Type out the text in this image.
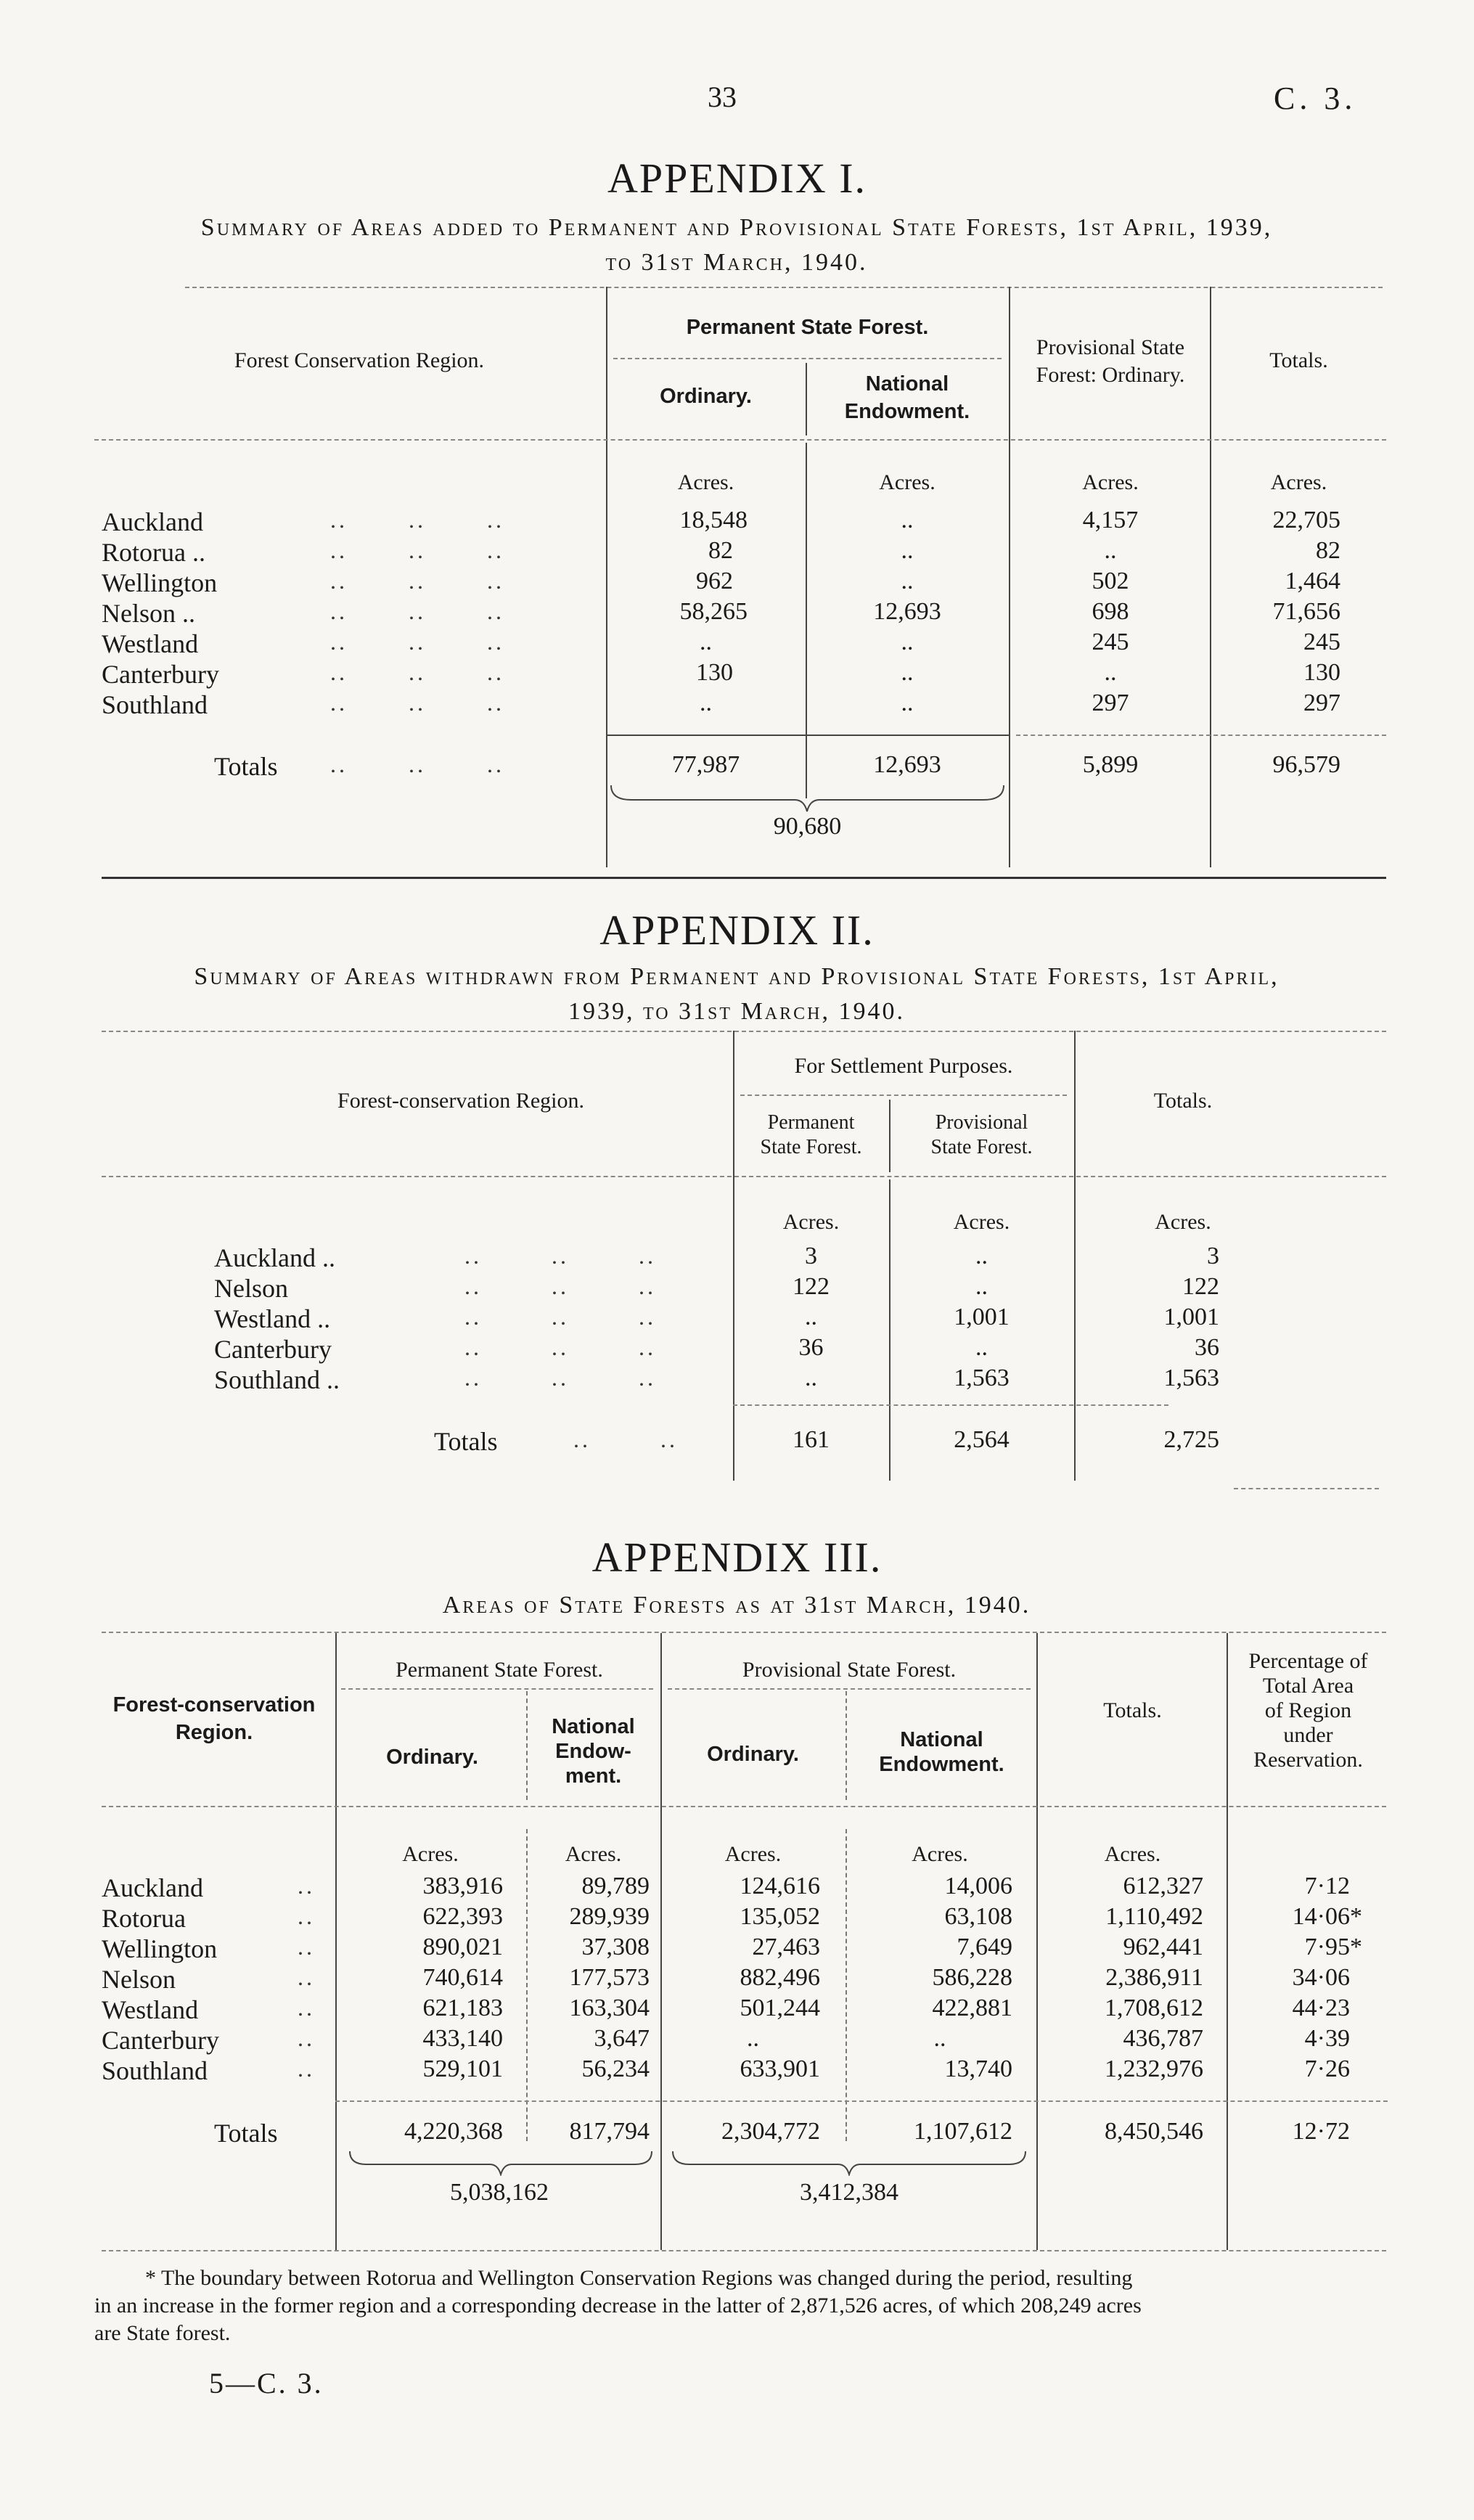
33	C. 3.
APPENDIX I.
Summary of Areas added to Permanent and Provisional State Forests, 1st April, 1939,
to 31st March, 1940.
Forest Conservation Region.
Permanent State Forest.
Ordinary.
National
Endowment.
Provisional State
Forest: Ordinary.
Totals.
Acres.	Acres.	Acres.	Acres.
Auckland	..       ..       ..	18,548	..	4,157	22,705
Rotorua ..	..       ..       ..	82	..	..	82
Wellington	..       ..       ..	962	..	502	1,464
Nelson ..	..       ..       ..	58,265	12,693	698	71,656
Westland	..       ..       ..	..	..	245	245
Canterbury	..       ..       ..	130	..	..	130
Southland	..       ..       ..	..	..	297	297
Totals ..       ..       ..	77,987	12,693	5,899	96,579
90,680
APPENDIX II.
Summary of Areas withdrawn from Permanent and Provisional State Forests, 1st April,
1939, to 31st March, 1940.
Forest-conservation Region.
For Settlement Purposes.
Permanent
State Forest.
Provisional
State Forest.
Totals.
Acres.	Acres.	Acres.
Auckland ..	..        ..        ..	3	..	3
Nelson	..        ..        ..	122	..	122
Westland ..	..        ..        ..	..	1,001	1,001
Canterbury	..        ..        ..	36	..	36
Southland ..	..        ..        ..	..	1,563	1,563
Totals	..        ..	161	2,564	2,725
APPENDIX III.
Areas of State Forests as at 31st March, 1940.
Forest-conservation
Region.
Permanent State Forest.	Provisional State Forest.
Ordinary.
National
Endow-
ment.
Ordinary.
National
Endowment.
Totals.
Percentage of
Total Area
of Region
under
Reservation.
Acres.	Acres.	Acres.	Acres.	Acres.
Auckland	..	383,916	89,789	124,616	14,006	612,327	7·12
Rotorua	..	622,393	289,939	135,052	63,108	1,110,492	14·06*
Wellington	..	890,021	37,308	27,463	7,649	962,441	7·95*
Nelson	..	740,614	177,573	882,496	586,228	2,386,911	34·06
Westland	..	621,183	163,304	501,244	422,881	1,708,612	44·23
Canterbury	..	433,140	3,647	..	..	436,787	4·39
Southland	..	529,101	56,234	633,901	13,740	1,232,976	7·26
Totals	4,220,368	817,794	2,304,772	1,107,612	8,450,546	12·72
5,038,162	3,412,384
* The boundary between Rotorua and Wellington Conservation Regions was changed during the period, resulting
in an increase in the former region and a corresponding decrease in the latter of 2,871,526 acres, of which 208,249 acres
are State forest.
5—C. 3.
